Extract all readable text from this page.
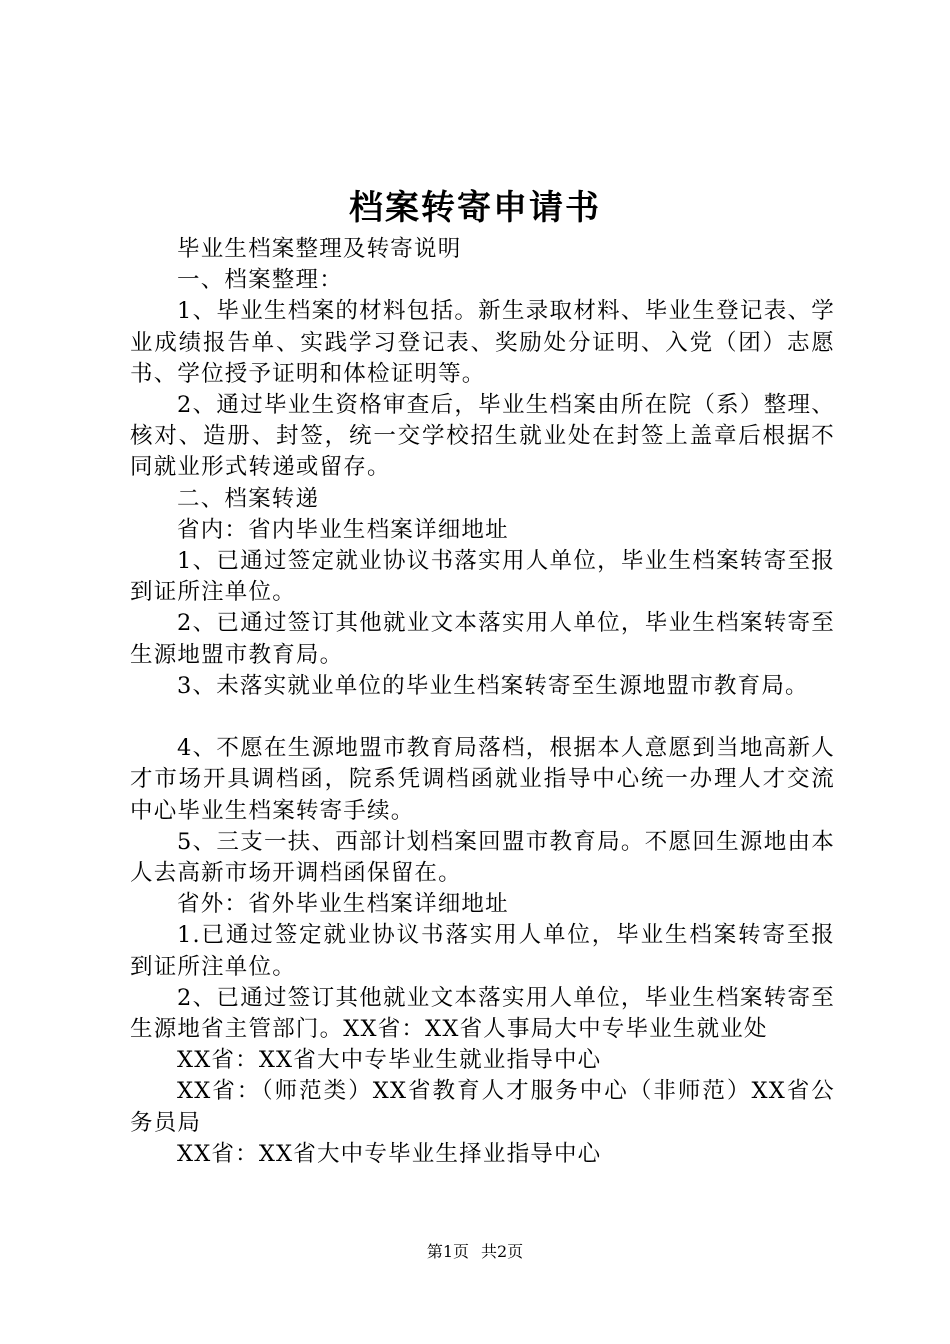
档案转寄申请书

毕业生档案整理及转寄说明

一、档案整理：

1、毕业生档案的材料包括。新生录取材料、毕业生登记表、学业成绩报告单、实践学习登记表、奖励处分证明、入党（团）志愿书、学位授予证明和体检证明等。

2、通过毕业生资格审查后，毕业生档案由所在院（系）整理、核对、造册、封签，统一交学校招生就业处在封签上盖章后根据不同就业形式转递或留存。

二、档案转递

省内：省内毕业生档案详细地址

1、已通过签定就业协议书落实用人单位，毕业生档案转寄至报到证所注单位。

2、已通过签订其他就业文本落实用人单位，毕业生档案转寄至生源地盟市教育局。

3、未落实就业单位的毕业生档案转寄至生源地盟市教育局。

4、不愿在生源地盟市教育局落档，根据本人意愿到当地高新人才市场开具调档函，院系凭调档函就业指导中心统一办理人才交流中心毕业生档案转寄手续。

5、三支一扶、西部计划档案回盟市教育局。不愿回生源地由本人去高新市场开调档函保留在。

省外：省外毕业生档案详细地址

1.已通过签定就业协议书落实用人单位，毕业生档案转寄至报到证所注单位。

2、已通过签订其他就业文本落实用人单位，毕业生档案转寄至生源地省主管部门。XX省：XX省人事局大中专毕业生就业处

XX省：XX省大中专毕业生就业指导中心

XX省：（师范类）XX省教育人才服务中心（非师范）XX省公务员局

XX省：XX省大中专毕业生择业指导中心

第1页 共2页
